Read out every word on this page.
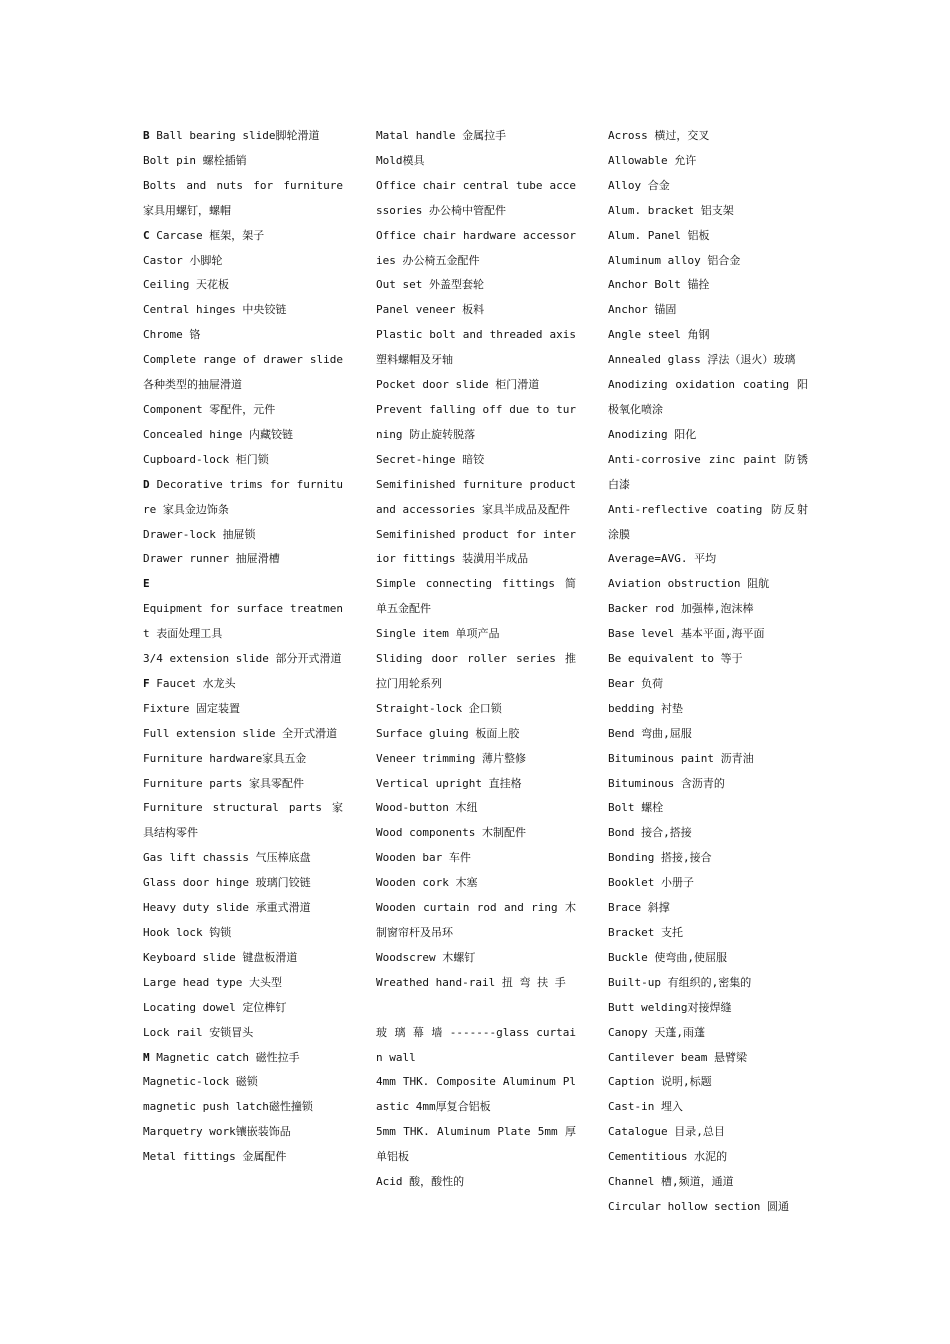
B Ball bearing slide脚轮滑道

Bolt pin 螺栓插销

Bolts and nuts for furniture 家具用螺钉，螺帽

C Carcase 框架，架子

Castor 小脚轮

Ceiling 天花板

Central hinges 中央铰链

Chrome 铬

Complete range of drawer slide 各种类型的抽屉滑道

Component 零配件，元件

Concealed hinge 内藏铰链

Cupboard-lock 柜门锁

D Decorative trims for furniture 家具金边饰条

Drawer-lock 抽屉锁

Drawer runner 抽屉滑槽

E

Equipment for surface treatment 表面处理工具

3/4 extension slide 部分开式滑道

F Faucet 水龙头

Fixture 固定装置

Full extension slide 全开式滑道

Furniture hardware家具五金

Furniture parts 家具零配件

Furniture structural parts 家具结构零件

Gas lift chassis 气压棒底盘

Glass door hinge 玻璃门铰链

Heavy duty slide 承重式滑道

Hook lock 钩锁

Keyboard slide 键盘板滑道

Large head type 大头型

Locating dowel 定位榫钉

Lock rail 安锁冒头

M Magnetic catch 磁性拉手

Magnetic-lock 磁锁

magnetic push latch磁性撞锁

Marquetry work镶嵌装饰品

Metal fittings 金属配件

Matal handle 金属拉手

Mold模具

Office chair central tube accessories 办公椅中管配件

Office chair hardware accessories 办公椅五金配件

Out set 外盖型套轮

Panel veneer 板料

Plastic bolt and threaded axis 塑料螺帽及牙轴

Pocket door slide 柜门滑道

Prevent falling off due to turning 防止旋转脱落

Secret-hinge 暗铰

Semifinished furniture product and accessories 家具半成品及配件

Semifinished product for interior fittings 装潢用半成品

Simple connecting fittings 简单五金配件

Single item 单项产品

Sliding door roller series 推拉门用轮系列

Straight-lock 企口锁

Surface gluing 板面上胶

Veneer trimming 薄片整修

Vertical upright 直挂格

Wood-button 木纽

Wood components 木制配件

Wooden bar 车件

Wooden cork 木塞

Wooden curtain rod and ring 木制窗帘杆及吊环

Woodscrew 木螺钉

Wreathed hand-rail 扭 弯 扶 手

玻 璃 幕 墙 -------glass curtain wall

4mm THK. Composite Aluminum Plastic 4mm厚复合铝板

5mm THK. Aluminum Plate 5mm 厚单铝板

Acid 酸，酸性的

Across 横过，交叉

Allowable 允许

Alloy 合金

Alum. bracket 铝支架

Alum. Panel 铝板

Aluminum alloy 铝合金

Anchor Bolt 锚拴

Anchor 锚固

Angle steel 角钢

Annealed glass 浮法（退火）玻璃

Anodizing oxidation coating 阳极氧化喷涂

Anodizing 阳化

Anti-corrosive zinc paint 防锈白漆

Anti-reflective coating 防反射涂膜

Average=AVG. 平均

Aviation obstruction 阻航

Backer rod 加强棒,泡沫棒

Base level 基本平面,海平面

Be equivalent to 等于

Bear 负荷

bedding 衬垫

Bend 弯曲,屈服

Bituminous paint 沥青油

Bituminous 含沥青的

Bolt 螺栓

Bond 接合,搭接

Bonding 搭接,接合

Booklet 小册子

Brace 斜撑

Bracket 支托

Buckle 使弯曲,使屈服

Built-up 有组织的,密集的

Butt welding对接焊缝

Canopy 天蓬,雨蓬

Cantilever beam 悬臂梁

Caption 说明,标题

Cast-in 埋入

Catalogue 目录,总目

Cementitious 水泥的

Channel 槽,频道，通道

Circular hollow section 圆通
